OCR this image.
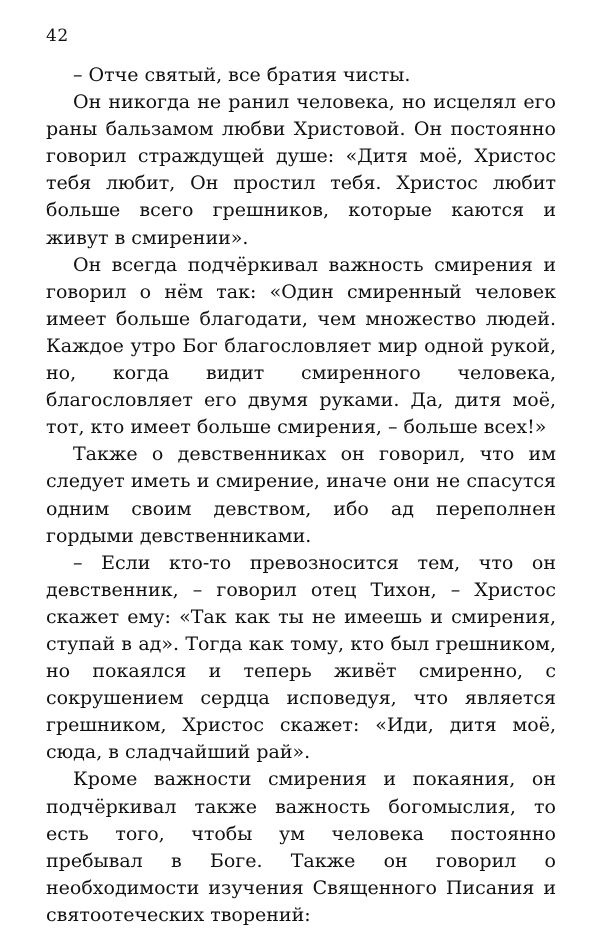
42

– Отче святый, все братия чисты.

Он никогда не ранил человека, но исцелял его раны бальзамом любви Христовой. Он постоянно говорил страждущей душе: «Дитя моё, Христос тебя любит, Он простил тебя. Христос любит больше всего грешников, которые каются и живут в смирении».

Он всегда подчёркивал важность смирения и говорил о нём так: «Один смиренный человек имеет больше благодати, чем множество людей. Каждое утро Бог благословляет мир одной рукой, но, когда видит смиренного человека, благословляет его двумя руками. Да, дитя моё, тот, кто имеет больше смирения, – больше всех!»

Также о девственниках он говорил, что им следует иметь и смирение, иначе они не спасутся одним своим девством, ибо ад переполнен гордыми девственниками.

– Если кто-то превозносится тем, что он девственник, – говорил отец Тихон, – Христос скажет ему: «Так как ты не имеешь и смирения, ступай в ад». Тогда как тому, кто был грешником, но покаялся и теперь живёт смиренно, с сокрушением сердца исповедуя, что является грешником, Христос скажет: «Иди, дитя моё, сюда, в сладчайший рай».

Кроме важности смирения и покаяния, он подчёркивал также важность богомыслия, то есть того, чтобы ум человека постоянно пребывал в Боге. Также он говорил о необходимости изучения Священного Писания и святоотеческих творений:
